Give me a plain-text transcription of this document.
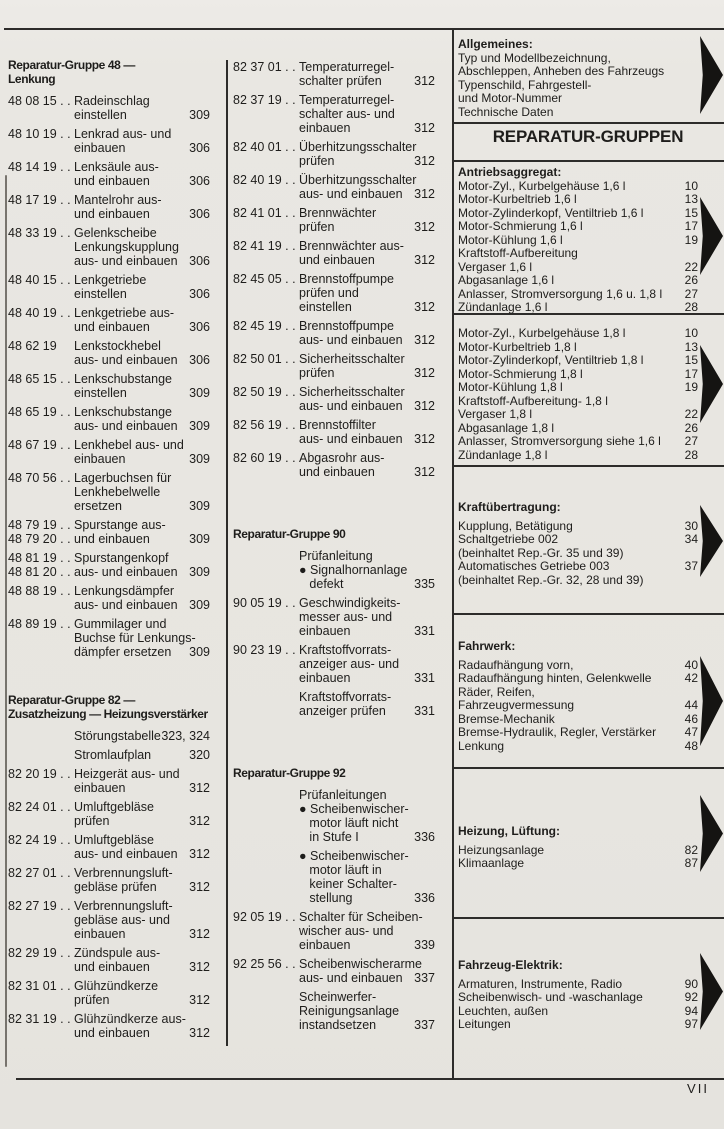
Reparatur-Gruppe 48 —
Lenkung
48 08 15 . . Radeinschlag
einstellen	309
48 10 19 . . Lenkrad aus- und
einbauen	306
48 14 19 . . Lenksäule aus-
und einbauen	306
48 17 19 . . Mantelrohr aus-
und einbauen	306
48 33 19 . . Gelenkscheibe
Lenkungskupplung
aus- und einbauen 306
48 40 15 . . Lenkgetriebe
einstellen	306
48 40 19 . . Lenkgetriebe aus-
und einbauen	306
48 62 19 Lenkstockhebel
aus- und einbauen 306
48 65 15 . . Lenkschubstange
einstellen	309
48 65 19 . . Lenkschubstange
aus- und einbauen 309
48 67 19 . . Lenkhebel aus- und
einbauen	309
48 70 56 . . Lagerbuchsen für
Lenkhebelwelle
ersetzen	309
48 79 19 . .
48 79 20 . .
Spurstange aus-
und einbauen	309
48 81 19 . .
48 81 20 . .
Spurstangenkopf
aus- und einbauen 309
48 88 19 . . Lenkungsdämpfer
aus- und einbauen 309
48 89 19 . . Gummilager und
Buchse für Lenkungs-
dämpfer ersetzen 309
Reparatur-Gruppe 82 —
Zusatzheizung — Heizungsverstärker
Störungstabelle 323, 324
Stromlaufplan	320
82 20 19 . . Heizgerät aus- und
einbauen	312
82 24 01 . . Umluftgebläse
prüfen	312
82 24 19 . . Umluftgebläse
aus- und einbauen 312
82 27 01 . . Verbrennungsluft-
gebläse prüfen	312
82 27 19 . . Verbrennungsluft-
gebläse aus- und
einbauen	312
82 29 19 . . Zündspule aus-
und einbauen	312
82 31 01 . . Glühzündkerze
prüfen	312
82 31 19 . . Glühzündkerze aus-
und einbauen	312
82 37 01 . . Temperaturregel-
schalter prüfen	312
82 37 19 . . Temperaturregel-
schalter aus- und
einbauen	312
82 40 01 . . Überhitzungsschalter
prüfen	312
82 40 19 . . Überhitzungsschalter
aus- und einbauen 312
82 41 01 . . Brennwächter
prüfen	312
82 41 19 . . Brennwächter aus-
und einbauen	312
82 45 05 . . Brennstoffpumpe
prüfen und
einstellen	312
82 45 19 . . Brennstoffpumpe
aus- und einbauen 312
82 50 01 . . Sicherheitsschalter
prüfen	312
82 50 19 . . Sicherheitsschalter
aus- und einbauen 312
82 56 19 . . Brennstoffilter
aus- und einbauen 312
82 60 19 . . Abgasrohr aus-
und einbauen	312
Reparatur-Gruppe 90
Prüfanleitung
● Signalhornanlage
defekt	335
90 05 19 . . Geschwindigkeits-
messer aus- und
einbauen	331
90 23 19 . . Kraftstoffvorrats-
anzeiger aus- und
einbauen	331
Kraftstoffvorrats-
anzeiger prüfen 331
Reparatur-Gruppe 92
Prüfanleitungen
● Scheibenwischer-
motor läuft nicht
in Stufe I	336
● Scheibenwischer-
motor läuft in
keiner Schalter-
stellung	336
92 05 19 . . Schalter für Scheiben-
wischer aus- und
einbauen	339
92 25 56 . . Scheibenwischerarme
aus- und einbauen 337
Scheinwerfer-
Reinigungsanlage
instandsetzen	337
REPARATUR-GRUPPEN
Allgemeines:
Typ und Modellbezeichnung,
Abschleppen, Anheben des Fahrzeugs
Typenschild, Fahrgestell-
und Motor-Nummer
Technische Daten
Antriebsaggregat:
Motor-Zyl., Kurbelgehäuse 1,6 l	10
Motor-Kurbeltrieb 1,6 l	13
Motor-Zylinderkopf, Ventiltrieb 1,6 l	15
Motor-Schmierung 1,6 l	17
Motor-Kühlung 1,6 l	19
Kraftstoff-Aufbereitung
Vergaser 1,6 l	22
Abgasanlage 1,6 l	26
Anlasser, Stromversorgung 1,6 u. 1,8 l	27
Zündanlage 1,6 l	28
Motor-Zyl., Kurbelgehäuse 1,8 l	10
Motor-Kurbeltrieb 1,8 l	13
Motor-Zylinderkopf, Ventiltrieb 1,8 l	15
Motor-Schmierung 1,8 l	17
Motor-Kühlung 1,8 l	19
Kraftstoff-Aufbereitung- 1,8 l
Vergaser 1,8 l	22
Abgasanlage 1,8 l	26
Anlasser, Stromversorgung siehe 1,6 l	27
Zündanlage 1,8 l	28
Kraftübertragung:
Kupplung, Betätigung	30
Schaltgetriebe 002	34
(beinhaltet Rep.-Gr. 35 und 39)
Automatisches Getriebe 003	37
(beinhaltet Rep.-Gr. 32, 28 und 39)
Fahrwerk:
Radaufhängung vorn,	40
Radaufhängung hinten, Gelenkwelle	42
Räder, Reifen,
Fahrzeugvermessung	44
Bremse-Mechanik	46
Bremse-Hydraulik, Regler, Verstärker	47
Lenkung	48
Heizung, Lüftung:
Heizungsanlage	82
Klimaanlage	87
Fahrzeug-Elektrik:
Armaturen, Instrumente, Radio	90
Scheibenwisch- und -waschanlage	92
Leuchten, außen	94
Leitungen	97
VII
